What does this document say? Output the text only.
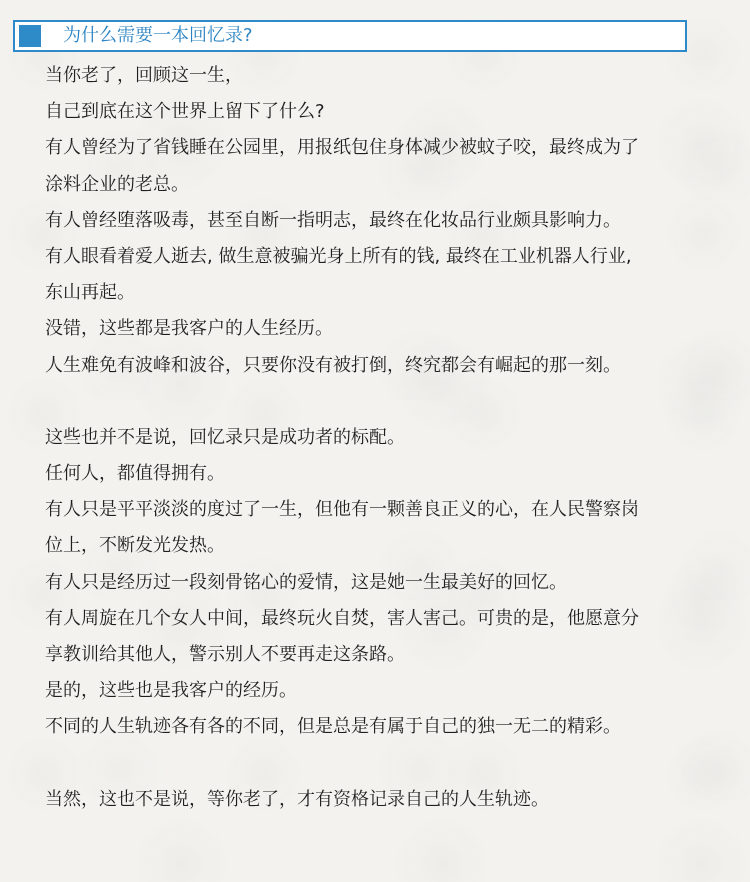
为什么需要一本回忆录?
当你老了，回顾这一生，
自己到底在这个世界上留下了什么?
有人曾经为了省钱睡在公园里，用报纸包住身体减少被蚊子咬，最终成为了
涂料企业的老总。
有人曾经堕落吸毒，甚至自断一指明志，最终在化妆品行业颇具影响力。
有人眼看着爱人逝去, 做生意被骗光身上所有的钱, 最终在工业机器人行业,
东山再起。
没错，这些都是我客户的人生经历。
人生难免有波峰和波谷，只要你没有被打倒，终究都会有崛起的那一刻。
这些也并不是说，回忆录只是成功者的标配。
任何人，都值得拥有。
有人只是平平淡淡的度过了一生，但他有一颗善良正义的心，在人民警察岗
位上，不断发光发热。
有人只是经历过一段刻骨铭心的爱情，这是她一生最美好的回忆。
有人周旋在几个女人中间，最终玩火自焚，害人害己。可贵的是，他愿意分
享教训给其他人，警示别人不要再走这条路。
是的，这些也是我客户的经历。
不同的人生轨迹各有各的不同，但是总是有属于自己的独一无二的精彩。
当然，这也不是说，等你老了，才有资格记录自己的人生轨迹。
